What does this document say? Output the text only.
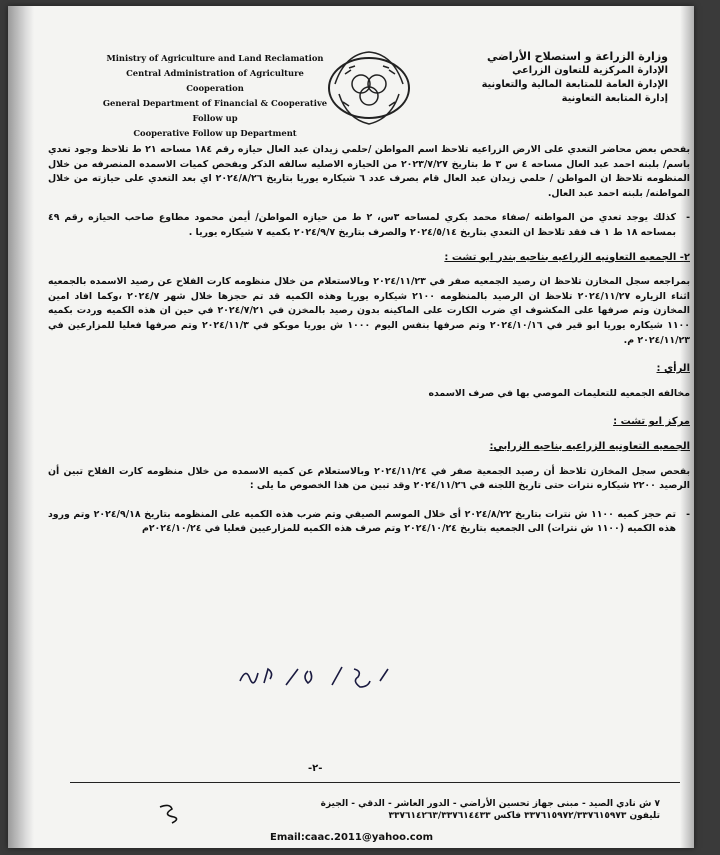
Ministry of Agriculture and Land Reclamation
Central Administration of Agriculture Cooperation
General Department of Financial & Cooperative Follow up
Cooperative Follow up Department
وزارة الزراعة و استصلاح الأراضي
الإدارة المركزية للتعاون الزراعي
الإدارة العامة للمتابعة المالية والتعاونية
إدارة المتابعة التعاونية

بفحص بعض محاضر التعدي على الارض الزراعيه تلاحظ اسم المواطن /حلمي زيدان عبد العال حيازه رقم ١٨٤ مساحه ٢١ ط تلاحظ وجود تعدي باسم/ بلبنه احمد عبد العال مساحه ٤ س ٣ ط بتاريخ ٢٠٢٣/٧/٢٧ من الحيازه الاصليه سالفه الذكر وبفحص كميات الاسمده المنصرفه من خلال المنظومه تلاحظ ان المواطن / حلمي زيدان عبد العال قام بصرف عدد ٦ شيكاره يوريا بتاريخ ٢٠٢٤/٨/٢٦ اي بعد التعدي على حيازته من خلال المواطنه/ بلبنه احمد عبد العال.

-

كذلك يوجد تعدي من المواطنه /صفاء محمد بكري لمساحه ٣س، ٢ ط من حيازه المواطن/ أيمن محمود مطاوع صاحب الحيازه رقم ٤٩ بمساحه ١٨ ط ١ ف فقد تلاحظ ان التعدي بتاريخ ٢٠٢٤/٥/١٤ والصرف بتاريخ ٢٠٢٤/٩/٧ بكميه ٧ شيكاره يوريا .

٢- الجمعيه التعاونيه الزراعيه بناحيه بندر ابو تشت :

بمراجعه سجل المخازن تلاحظ ان رصيد الجمعيه صفر في ٢٠٢٤/١١/٢٣ وبالاستعلام من خلال منظومه كارت الفلاح عن رصيد الاسمده بالجمعيه اثناء الزياره ٢٠٢٤/١١/٢٧ تلاحظ ان الرصيد بالمنظومه ٢١٠٠ شيكاره يوريا وهذه الكميه قد تم حجزها خلال شهر ٢٠٢٤/٧ ،وكما افاد امين المخازن وتم صرفها على المكشوف اي ضرب الكارت على الماكينه بدون رصيد بالمخزن في ٢٠٢٤/٧/٢١ في حين ان هذه الكميه وردت بكميه ١١٠٠ شيكاره يوريا ابو قير في ٢٠٢٤/١٠/١٦ وتم صرفها بنفس اليوم ١٠٠٠ ش يوريا موبكو في ٢٠٢٤/١١/٣ وتم صرفها فعليا للمزارعين في ٢٠٢٤/١١/٢٣ م.

الرأي :

مخالفه الجمعيه للتعليمات الموصي بها في صرف الاسمده

مركز ابو تشت :

الجمعيه التعاونيه الزراعيه بناحيه الزرابي:

بفحص سجل المخازن تلاحظ أن رصيد الجمعية صفر في ٢٠٢٤/١١/٢٤ وبالاستعلام عن كميه الاسمده من خلال منظومه كارت الفلاح تبين أن الرصيد ٢٢٠٠ شيكاره نترات حتى تاريخ اللجنه في ٢٠٢٤/١١/٢٦ وقد تبين من هذا الخصوص ما يلى :

-

تم حجز كميه ١١٠٠ ش نترات بتاريخ ٢٠٢٤/٨/٢٢ أى خلال الموسم الصيفي وتم ضرب هذه الكميه على المنظومه بتاريخ ٢٠٢٤/٩/١٨ وتم ورود هذه الكميه (١١٠٠ ش نترات) الى الجمعيه بتاريخ ٢٠٢٤/١٠/٢٤ وتم صرف هذه الكميه للمزارعيين فعليا في ٢٠٢٤/١٠/٢٤م

-٢-
٧ ش نادي الصيد - مبنى جهاز تحسين الأراضي - الدور العاشر - الدقي - الجيزة
تليفون ٣٣٧٦١٥٩٧٢/٣٣٧٦١٥٩٧٣ فاكس ٣٣٧٦١٤٢٦٣/٣٣٧٦١٤٤٣٣
Email:caac.2011@yahoo.com
